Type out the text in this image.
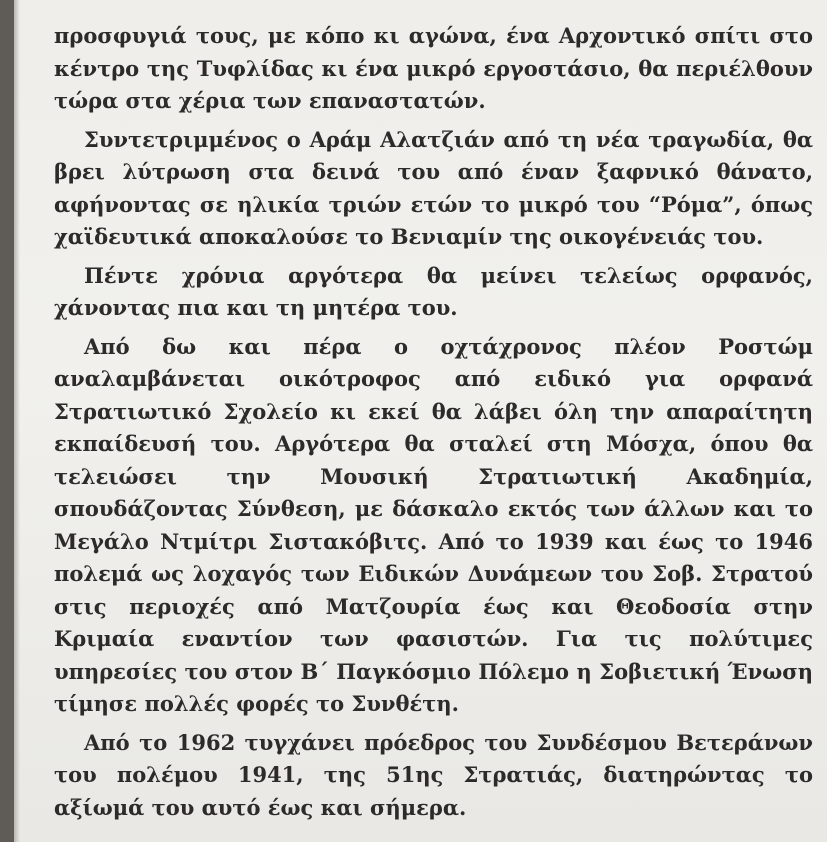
προσφυγιά τους, με κόπο κι αγώνα, ένα Αρχοντικό σπίτι στο κέντρο της Τυφλίδας κι ένα μικρό εργοστάσιο, θα περιέλθουν τώρα στα χέρια των επαναστατών.

Συντετριμμένος ο Αράμ Αλατζιάν από τη νέα τραγωδία, θα βρει λύτρωση στα δεινά του από έναν ξαφνικό θάνατο, αφήνοντας σε ηλικία τριών ετών το μικρό του “Ρόμα”, όπως χαϊδευτικά αποκαλούσε το Βενιαμίν της οικογένειάς του.

Πέντε χρόνια αργότερα θα μείνει τελείως ορφανός, χάνοντας πια και τη μητέρα του.

Από δω και πέρα ο οχτάχρονος πλέον Ροστώμ αναλαμβάνεται οικότροφος από ειδικό για ορφανά Στρατιωτικό Σχολείο κι εκεί θα λάβει όλη την απαραίτητη εκπαίδευσή του. Αργότερα θα σταλεί στη Μόσχα, όπου θα τελειώσει την Μουσική Στρατιωτική Ακαδημία, σπουδάζοντας Σύνθεση, με δάσκαλο εκτός των άλλων και το Μεγάλο Ντμίτρι Σιστακόβιτς. Από το 1939 και έως το 1946 πολεμά ως λοχαγός των Ειδικών Δυνάμεων του Σοβ. Στρατού στις περιοχές από Ματζουρία έως και Θεοδοσία στην Κριμαία εναντίον των φασιστών. Για τις πολύτιμες υπηρεσίες του στον Β΄ Παγκόσμιο Πόλεμο η Σοβιετική Ένωση τίμησε πολλές φορές το Συνθέτη.

Από το 1962 τυγχάνει πρόεδρος του Συνδέσμου Βετεράνων του πολέμου 1941, της 51ης Στρατιάς, διατηρώντας το αξίωμά του αυτό έως και σήμερα.
